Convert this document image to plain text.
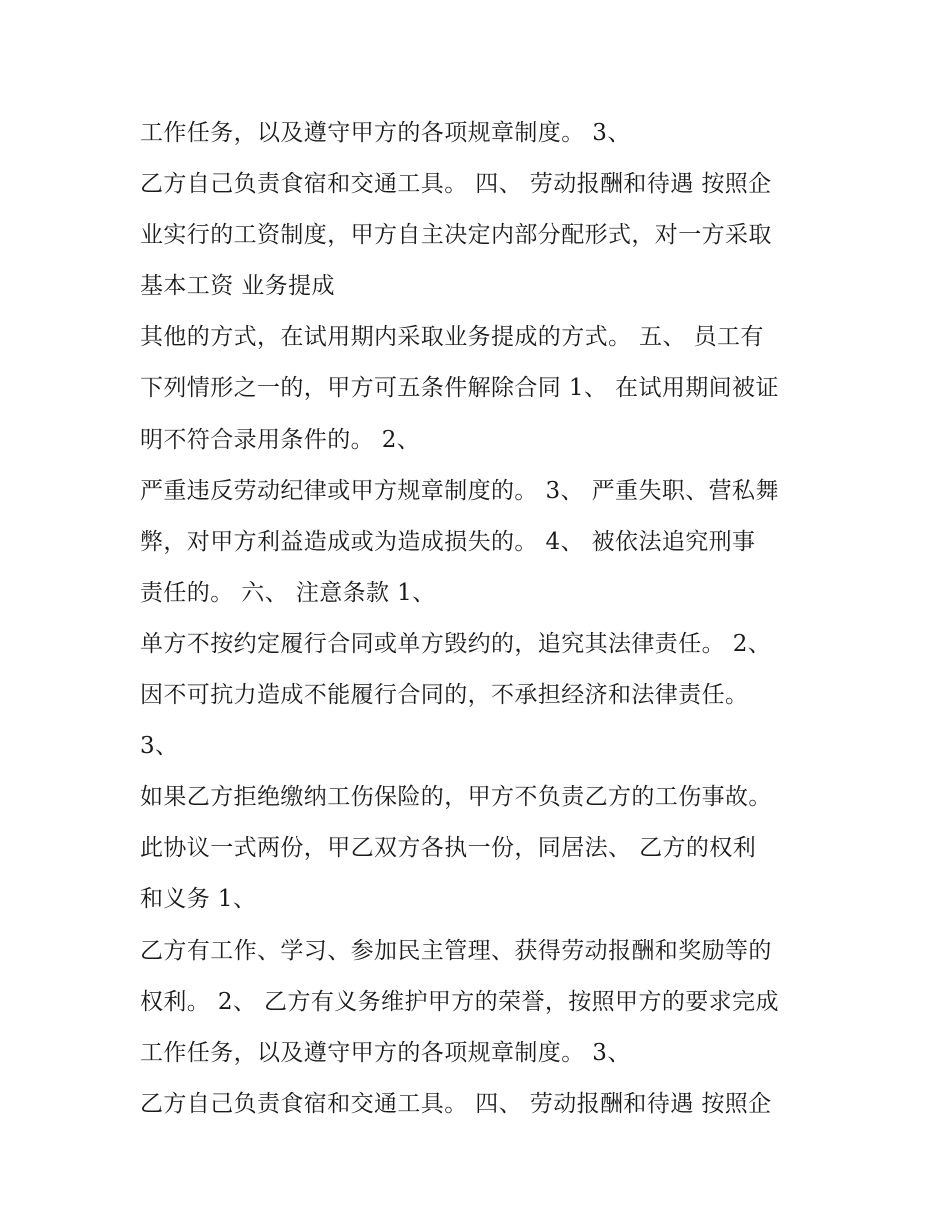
工作任务，以及遵守甲方的各项规章制度。 3、
乙方自己负责食宿和交通工具。 四、 劳动报酬和待遇 按照企
业实行的工资制度，甲方自主决定内部分配形式，对一方采取
基本工资 业务提成
其他的方式，在试用期内采取业务提成的方式。 五、 员工有
下列情形之一的，甲方可五条件解除合同 1、 在试用期间被证
明不符合录用条件的。 2、
严重违反劳动纪律或甲方规章制度的。 3、 严重失职、营私舞
弊，对甲方利益造成或为造成损失的。 4、 被依法追究刑事
责任的。 六、 注意条款 1、
单方不按约定履行合同或单方毁约的，追究其法律责任。 2、
因不可抗力造成不能履行合同的，不承担经济和法律责任。
3、
如果乙方拒绝缴纳工伤保险的，甲方不负责乙方的工伤事故。
此协议一式两份，甲乙双方各执一份，同居法、 乙方的权利
和义务 1、
乙方有工作、学习、参加民主管理、获得劳动报酬和奖励等的
权利。 2、 乙方有义务维护甲方的荣誉，按照甲方的要求完成
工作任务，以及遵守甲方的各项规章制度。 3、
乙方自己负责食宿和交通工具。 四、 劳动报酬和待遇 按照企
